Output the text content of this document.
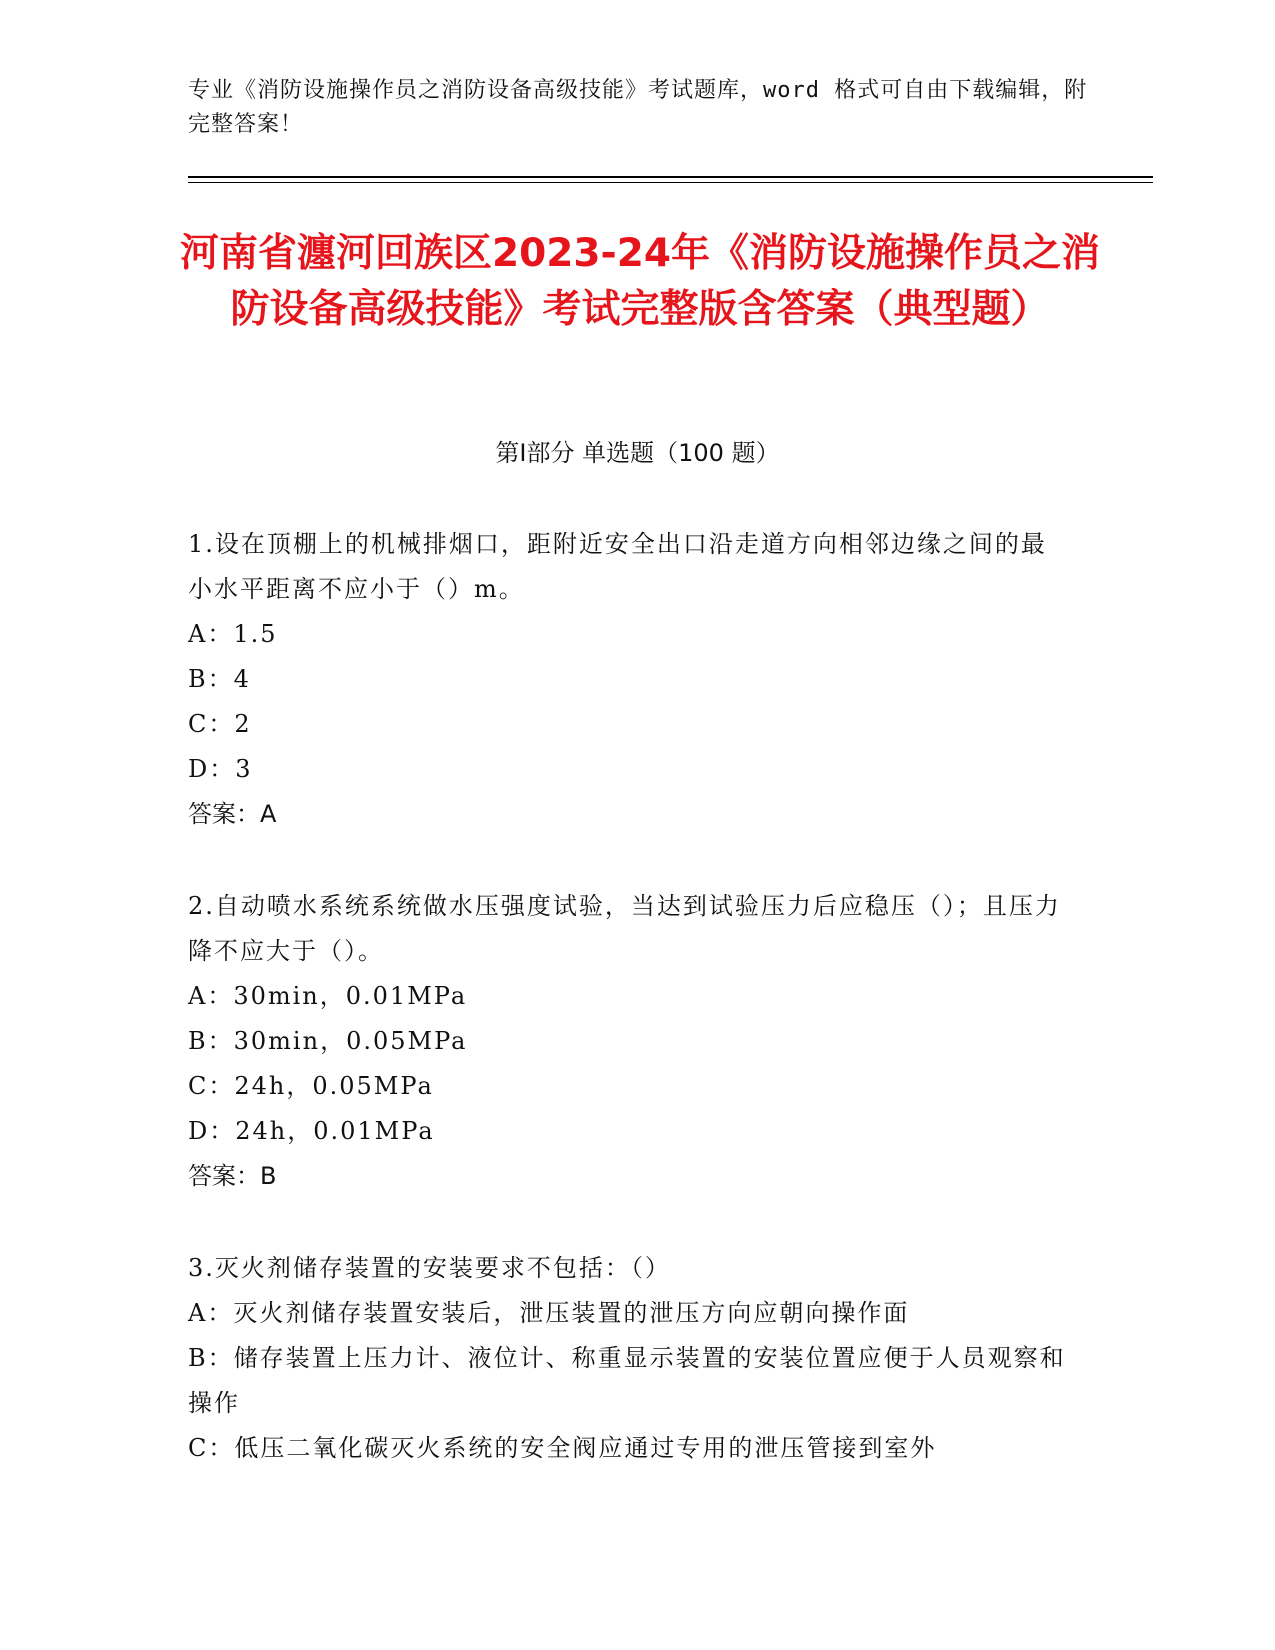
专业《消防设施操作员之消防设备高级技能》考试题库，word 格式可自由下载编辑，附完整答案！
河南省瀍河回族区2023-24年《消防设施操作员之消防设备高级技能》考试完整版含答案（典型题）
第Ⅰ部分 单选题（100 题）

1.设在顶棚上的机械排烟口，距附近安全出口沿走道方向相邻边缘之间的最小水平距离不应小于（）m。

A：1.5

B：4

C：2

D：3

答案：A

2.自动喷水系统系统做水压强度试验，当达到试验压力后应稳压（）；且压力降不应大于（）。

A：30min，0.01MPa

B：30min，0.05MPa

C：24h，0.05MPa

D：24h，0.01MPa

答案：B

3.灭火剂储存装置的安装要求不包括：（）

A：灭火剂储存装置安装后，泄压装置的泄压方向应朝向操作面

B：储存装置上压力计、液位计、称重显示装置的安装位置应便于人员观察和操作

C：低压二氧化碳灭火系统的安全阀应通过专用的泄压管接到室外
